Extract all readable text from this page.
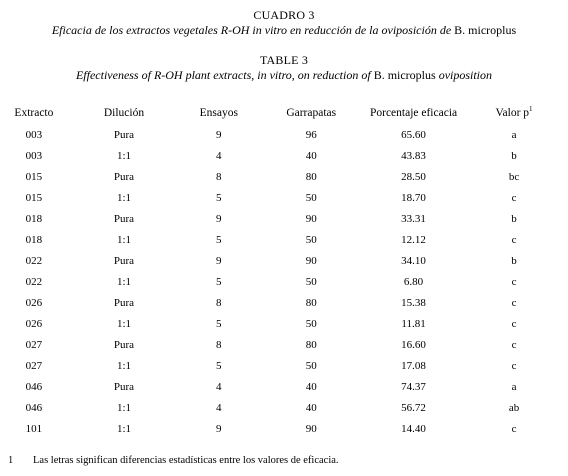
CUADRO 3
Eficacia de los extractos vegetales R-OH in vitro en reducción de la oviposición de B. microplus
TABLE 3
Effectiveness of R-OH plant extracts, in vitro, on reduction of B. microplus oviposition
Extracto	Dilución	Ensayos	Garrapatas	Porcentaje eficacia	Valor $p^1$
003	Pura	9	96	65.60	a
003	1:1	4	40	43.83	b
015	Pura	8	80	28.50	bc
015	1:1	5	50	18.70	c
018	Pura	9	90	33.31	b
018	1:1	5	50	12.12	c
022	Pura	9	90	34.10	b
022	1:1	5	50	6.80	c
026	Pura	8	80	15.38	c
026	1:1	5	50	11.81	c
027	Pura	8	80	16.60	c
027	1:1	5	50	17.08	c
046	Pura	4	40	74.37	a
046	1:1	4	40	56.72	ab
101	1:1	9	90	14.40	c
1	Las letras significan diferencias estadísticas entre los valores de eficacia.
